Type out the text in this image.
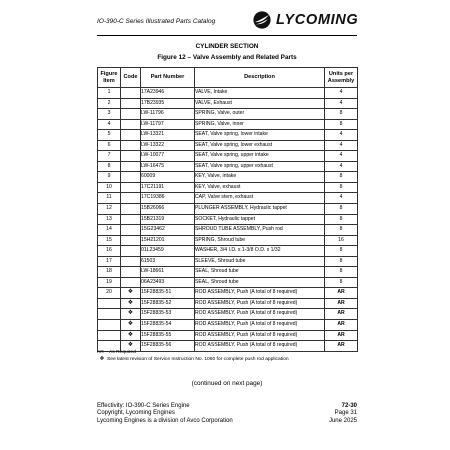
IO-390-C Series Illustrated Parts Catalog	LYCOMING
CYLINDER SECTION
Figure 12 – Valve Assembly and Related Parts
Figure Item	Code	Part Number	Description	Units per Assembly
1		17A23946	VALVE, Intake	4
2		17B23935	VALVE, Exhaust	4
3		LW-11796	SPRING, Valve, outer	8
4		LW-11797	SPRING, Valve, inner	8
5		LW-13321	SEAT, Valve spring, lower intake	4
6		LW-13322	SEAT, Valve spring, lower exhaust	4
7		LW-10077	SEAT, Valve spring, upper intake	4
8		LW-16475	SEAT, Valve spring, upper exhaust	4
9		60009	KEY, Valve, intake	8
10		17C21191	KEY, Valve, exhaust	8
11		17C19386	CAP, Valve stem, exhaust	4
12		15B26066	PLUNGER ASSEMBLY, Hydraulic tappet	8
13		15B21319	SOCKET, Hydraulic tappet	8
14		15G23462	SHROUD TUBE ASSEMBLY, Push rod	8
15		15H21201	SPRING, Shroud tube	16
16		01L23459	WASHER, 3/4 I.D. x 1-3/8 O.D. x 1/32	8
17		61503	SLEEVE, Shroud tube	8
18		LW-18661	SEAL, Shroud tube	8
19		06A23493	SEAL, Shroud tube	8
20	❖	15F28835-51	ROD ASSEMBLY, Push (A total of 8 required)	AR
	❖	15F28835-52	ROD ASSEMBLY, Push (A total of 8 required)	AR
	❖	15F28835-53	ROD ASSEMBLY, Push (A total of 8 required)	AR
	❖	15F28835-54	ROD ASSEMBLY, Push (A total of 8 required)	AR
	❖	15F28835-55	ROD ASSEMBLY, Push (A total of 8 required)	AR
	❖	15F28835-56	ROD ASSEMBLY, Push (A total of 8 required)	AR
AR – As Required
❖ See latest revision of Service Instruction No. 1060 for complete push rod application
(continued on next page)
Effectivity: IO-390-C Series Engine	72-30
Copyright, Lycoming Engines	Page 31
Lycoming Engines is a division of Avco Corporation	June 2025
